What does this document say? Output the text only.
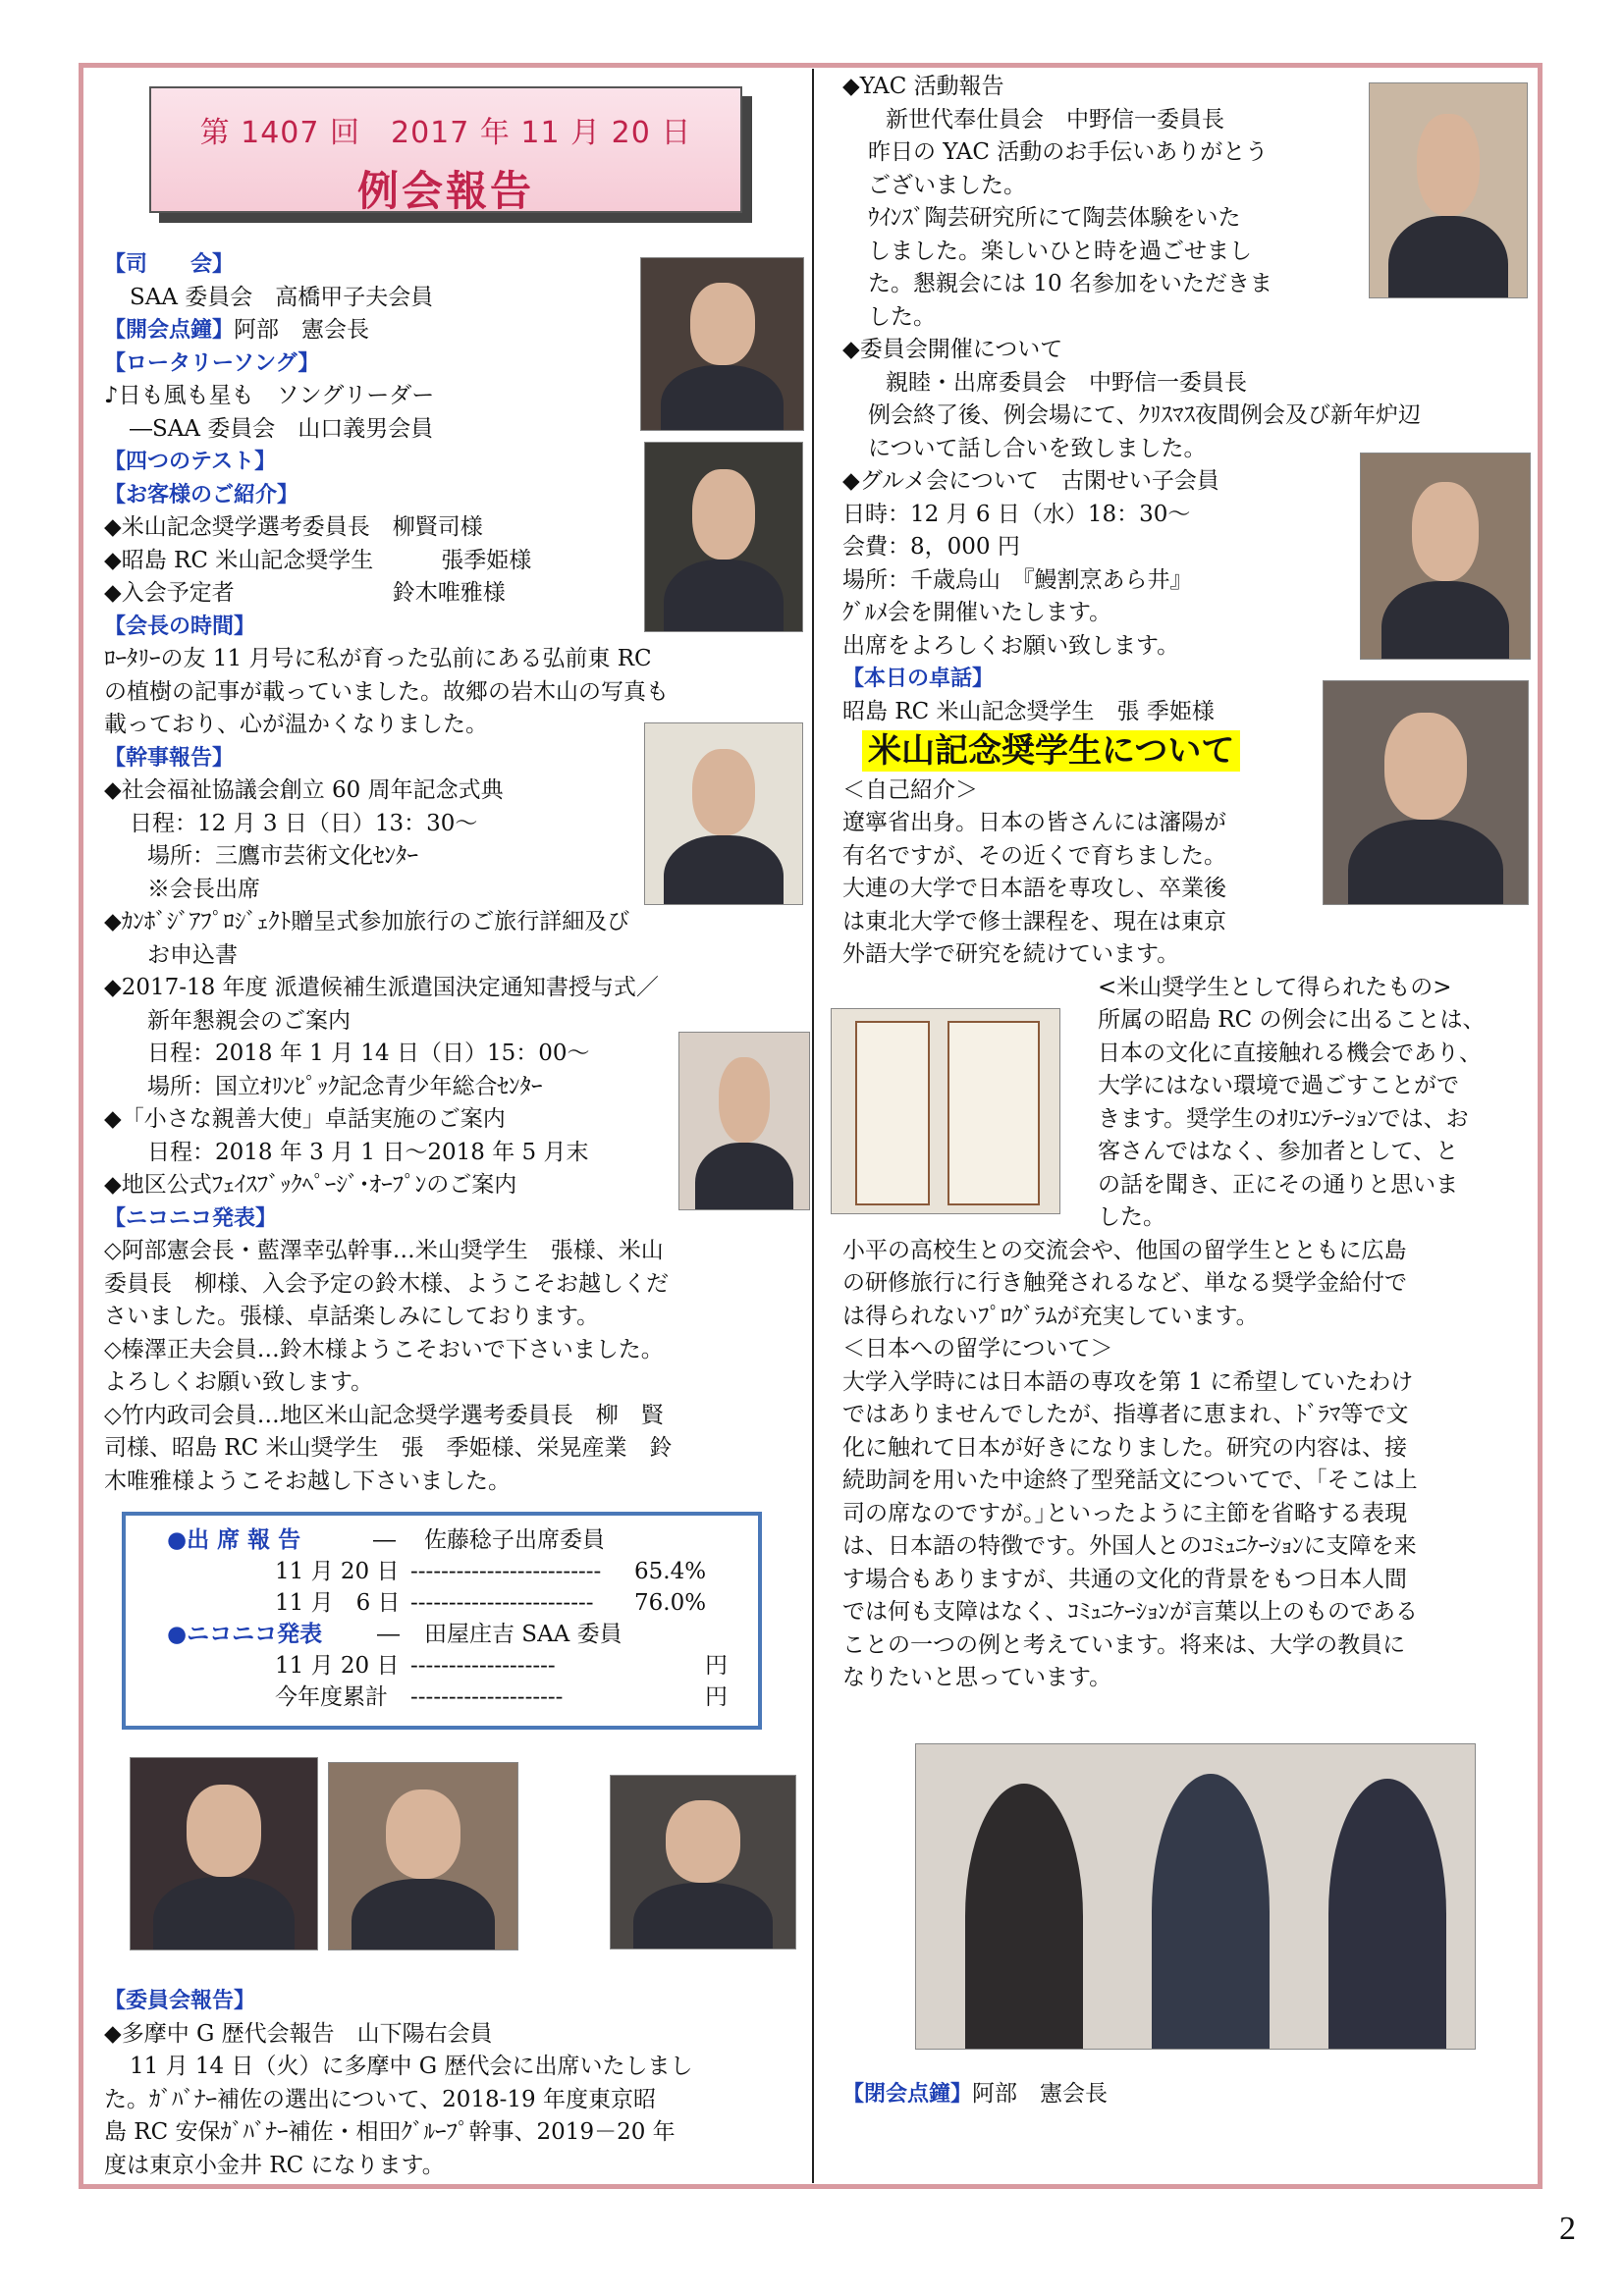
第 1407 回　2017 年 11 月 20 日
例会報告

【司　　会】

SAA 委員会　高橋甲子夫会員

【開会点鐘】阿部　憲会長

【ロータリーソング】

♪日も風も星も　ソングリーダー

―SAA 委員会　山口義男会員

【四つのテスト】

【お客様のご紹介】

◆米山記念奨学選考委員長　柳賢司様

◆昭島 RC 米山記念奨学生　　　張季姫様

◆入会予定者　　　　　　　鈴木唯雅様

【会長の時間】

ﾛｰﾀﾘｰの友 11 月号に私が育った弘前にある弘前東 RC

の植樹の記事が載っていました。故郷の岩木山の写真も

載っており、心が温かくなりました。

【幹事報告】

◆社会福祉協議会創立 60 周年記念式典

日程：12 月 3 日（日）13：30～

場所：三鷹市芸術文化ｾﾝﾀｰ

※会長出席

◆ｶﾝﾎﾞｼﾞｱﾌﾟﾛｼﾞｪｸﾄ贈呈式参加旅行のご旅行詳細及び

お申込書

◆2017-18 年度 派遣候補生派遣国決定通知書授与式／

新年懇親会のご案内

日程：2018 年 1 月 14 日（日）15：00～

場所：国立ｵﾘﾝﾋﾟｯｸ記念青少年総合ｾﾝﾀｰ

◆「小さな親善大使」卓話実施のご案内

日程：2018 年 3 月 1 日～2018 年 5 月末

◆地区公式ﾌｪｲｽﾌﾞｯｸﾍﾟｰｼﾞ･ｵｰﾌﾟﾝのご案内

【ニコニコ発表】

◇阿部憲会長・藍澤幸弘幹事…米山奨学生　張様、米山

委員長　柳様、入会予定の鈴木様、ようこそお越しくだ

さいました。張様、卓話楽しみにしております。

◇榛澤正夫会員…鈴木様ようこそおいで下さいました。

よろしくお願い致します。

◇竹内政司会員…地区米山記念奨学選考委員長　柳　賢

司様、昭島 RC 米山奨学生　張　季姫様、栄晃産業　鈴

木唯雅様ようこそお越し下さいました。

●出 席 報 告	― 佐藤稔子出席委員
11 月 20 日 ------------------------- 65.4%
11 月　6 日 ------------------------ 76.0%
●ニコニコ発表 ― 田屋庄吉 SAA 委員
11 月 20 日 -------------------	円
今年度累計 --------------------	円

【委員会報告】

◆多摩中 G 歴代会報告　山下陽右会員

11 月 14 日（火）に多摩中 G 歴代会に出席いたしまし

た。ｶﾞﾊﾞﾅｰ補佐の選出について、2018-19 年度東京昭

島 RC 安保ｶﾞﾊﾞﾅｰ補佐・相田ｸﾞﾙｰﾌﾟ幹事、2019－20 年

度は東京小金井 RC になります。

◆YAC 活動報告

新世代奉仕員会　中野信一委員長

昨日の YAC 活動のお手伝いありがとう

ございました。

ｳｲﾝｽﾞ陶芸研究所にて陶芸体験をいた

しました。楽しいひと時を過ごせまし

た。懇親会には 10 名参加をいただきま

した。

◆委員会開催について

親睦・出席委員会　中野信一委員長

例会終了後、例会場にて、ｸﾘｽﾏｽ夜間例会及び新年炉辺

について話し合いを致しました。

◆グルメ会について　古閑せい子会員

日時：12 月 6 日（水）18：30～

会費：8，000 円

場所：千歳烏山　『鰻割烹あら井』

ｸﾞﾙﾒ会を開催いたします。

出席をよろしくお願い致します。

【本日の卓話】

昭島 RC 米山記念奨学生　張 季姫様

米山記念奨学生について

＜自己紹介＞

遼寧省出身。日本の皆さんには瀋陽が

有名ですが、その近くで育ちました。

大連の大学で日本語を専攻し、卒業後

は東北大学で修士課程を、現在は東京

外語大学で研究を続けています。

<米山奨学生として得られたもの>

所属の昭島 RC の例会に出ることは、

日本の文化に直接触れる機会であり、

大学にはない環境で過ごすことがで

きます。奨学生のｵﾘｴﾝﾃｰｼｮﾝでは、お

客さんではなく、参加者として、と

の話を聞き、正にその通りと思いま

した。

小平の高校生との交流会や、他国の留学生とともに広島

の研修旅行に行き触発されるなど、単なる奨学金給付で

は得られないﾌﾟﾛｸﾞﾗﾑが充実しています。

＜日本への留学について＞

大学入学時には日本語の専攻を第 1 に希望していたわけ

ではありませんでしたが、指導者に恵まれ、ﾄﾞﾗﾏ等で文

化に触れて日本が好きになりました。研究の内容は、接

続助詞を用いた中途終了型発話文についてで、｢そこは上

司の席なのですが。｣といったように主節を省略する表現

は、日本語の特徴です。外国人とのｺﾐｭﾆｹｰｼｮﾝに支障を来

す場合もありますが、共通の文化的背景をもつ日本人間

では何も支障はなく、ｺﾐｭﾆｹｰｼｮﾝが言葉以上のものである

ことの一つの例と考えています。将来は、大学の教員に

なりたいと思っています。

【閉会点鐘】阿部　憲会長
2
